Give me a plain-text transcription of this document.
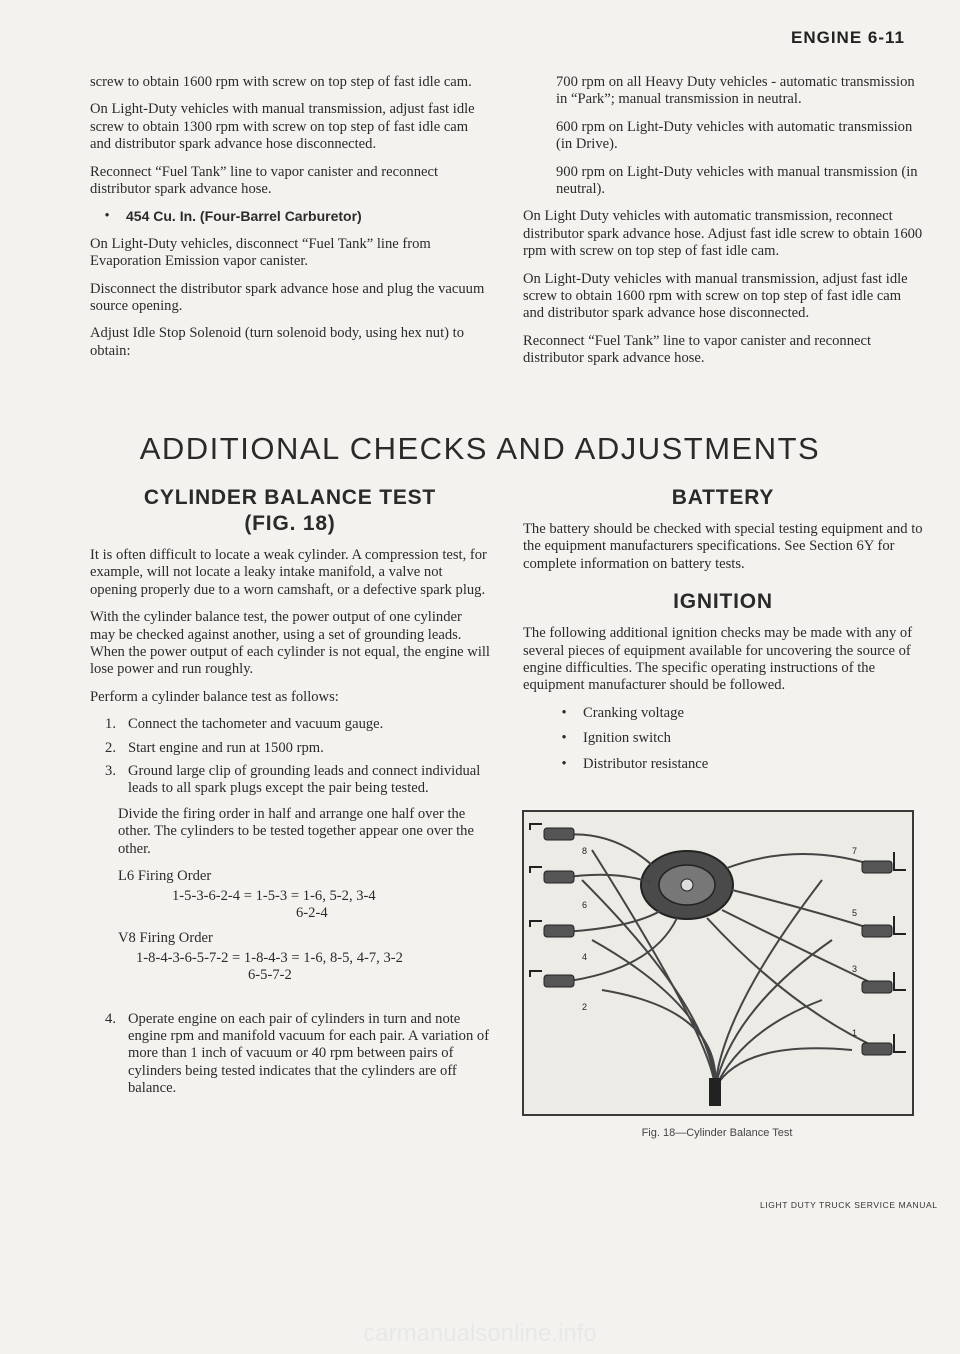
ENGINE 6-11

screw to obtain 1600 rpm with screw on top step of fast idle cam.

On Light-Duty vehicles with manual transmission, adjust fast idle screw to obtain 1300 rpm with screw on top step of fast idle cam and distributor spark advance hose disconnected.

Reconnect “Fuel Tank” line to vapor canister and reconnect distributor spark advance hose.

•	454 Cu. In. (Four-Barrel Carburetor)

On Light-Duty vehicles, disconnect “Fuel Tank” line from Evaporation Emission vapor canister.

Disconnect the distributor spark advance hose and plug the vacuum source opening.

Adjust Idle Stop Solenoid (turn solenoid body, using hex nut) to obtain:

700 rpm on all Heavy Duty vehicles - automatic transmission in “Park”; manual transmission in neutral.

600 rpm on Light-Duty vehicles with automatic transmission (in Drive).

900 rpm on Light-Duty vehicles with manual transmission (in neutral).

On Light Duty vehicles with automatic transmission, reconnect distributor spark advance hose. Adjust fast idle screw to obtain 1600 rpm with screw on top step of fast idle cam.

On Light-Duty vehicles with manual transmission, adjust fast idle screw to obtain 1600 rpm with screw on top step of fast idle cam and distributor spark advance hose disconnected.

Reconnect “Fuel Tank” line to vapor canister and reconnect distributor spark advance hose.

ADDITIONAL CHECKS AND ADJUSTMENTS
CYLINDER BALANCE TEST
(FIG. 18)

It is often difficult to locate a weak cylinder. A compression test, for example, will not locate a leaky intake manifold, a valve not opening properly due to a worn camshaft, or a defective spark plug.

With the cylinder balance test, the power output of one cylinder may be checked against another, using a set of grounding leads. When the power output of each cylinder is not equal, the engine will lose power and run roughly.

Perform a cylinder balance test as follows:

1. Connect the tachometer and vacuum gauge.
2. Start engine and run at 1500 rpm.
3. Ground large clip of grounding leads and connect individual leads to all spark plugs except the pair being tested.

Divide the firing order in half and arrange one half over the other. The cylinders to be tested together appear one over the other.

L6 Firing Order
1-5-3-6-2-4 = 1-5-3 = 1-6, 5-2, 3-4
6-2-4
V8 Firing Order
1-8-4-3-6-5-7-2 = 1-8-4-3 = 1-6, 8-5, 4-7, 3-2
6-5-7-2
4. Operate engine on each pair of cylinders in turn and note engine rpm and manifold vacuum for each pair. A variation of more than 1 inch of vacuum or 40 rpm between pairs of cylinders being tested indicates that the cylinders are off balance.
BATTERY

The battery should be checked with special testing equipment and to the equipment manufacturers specifications. See Section 6Y for complete information on battery tests.

IGNITION

The following additional ignition checks may be made with any of several pieces of equipment available for uncovering the source of engine difficulties. The specific operating instructions of the equipment manufacturer should be followed.

•	Cranking voltage
•	Ignition switch
•	Distributor resistance
8	7
6
5
4
3
2
1
Fig. 18—Cylinder Balance Test
LIGHT DUTY TRUCK SERVICE MANUAL
carmanualsonline.info
